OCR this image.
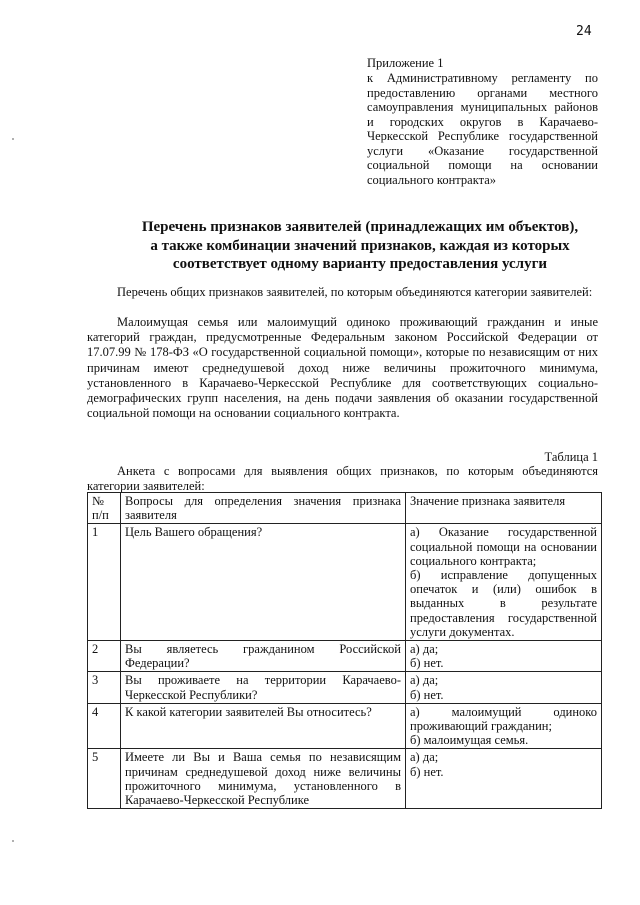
24
Приложение 1
к Административному регламенту по предоставлению органами местного самоуправления муниципальных районов и городских округов в Карачаево-Черкесской Республике государственной услуги «Оказание государственной социальной помощи на основании социального контракта»
Перечень признаков заявителей (принадлежащих им объектов),
а также комбинации значений признаков, каждая из которых
соответствует одному варианту предоставления услуги
Перечень общих признаков заявителей, по которым объединяются категории заявителей:
Малоимущая семья или малоимущий одиноко проживающий гражданин и иные категорий граждан, предусмотренные Федеральным законом Российской Федерации от 17.07.99 № 178-ФЗ «О государственной социальной помощи», которые по независящим от них причинам имеют среднедушевой доход ниже величины прожиточного минимума, установленного в Карачаево-Черкесской Республике для соответствующих социально-демографических групп населения, на день подачи заявления об оказании государственной социальной помощи на основании социального контракта.
Таблица 1
Анкета с вопросами для выявления общих признаков, по которым объединяются категории заявителей:
№ п/п	Вопросы для определения значения признака заявителя	Значение признака заявителя
1	Цель Вашего обращения?	а) Оказание государственной социальной помощи на основании социального контракта;
б) исправление допущенных опечаток и (или) ошибок в выданных в результате предоставления государственной услуги документах.

2	Вы являетесь гражданином Российской Федерации?	а) да;
б) нет.

3	Вы проживаете на территории Карачаево-Черкесской Республики?	а) да;
б) нет.

4	К какой категории заявителей Вы относитесь?	а) малоимущий одиноко проживающий гражданин;
б) малоимущая семья.

5	Имеете ли Вы и Ваша семья по независящим причинам среднедушевой доход ниже величины прожиточного минимума, установленного в Карачаево-Черкесской Республике	а) да;
б) нет.
